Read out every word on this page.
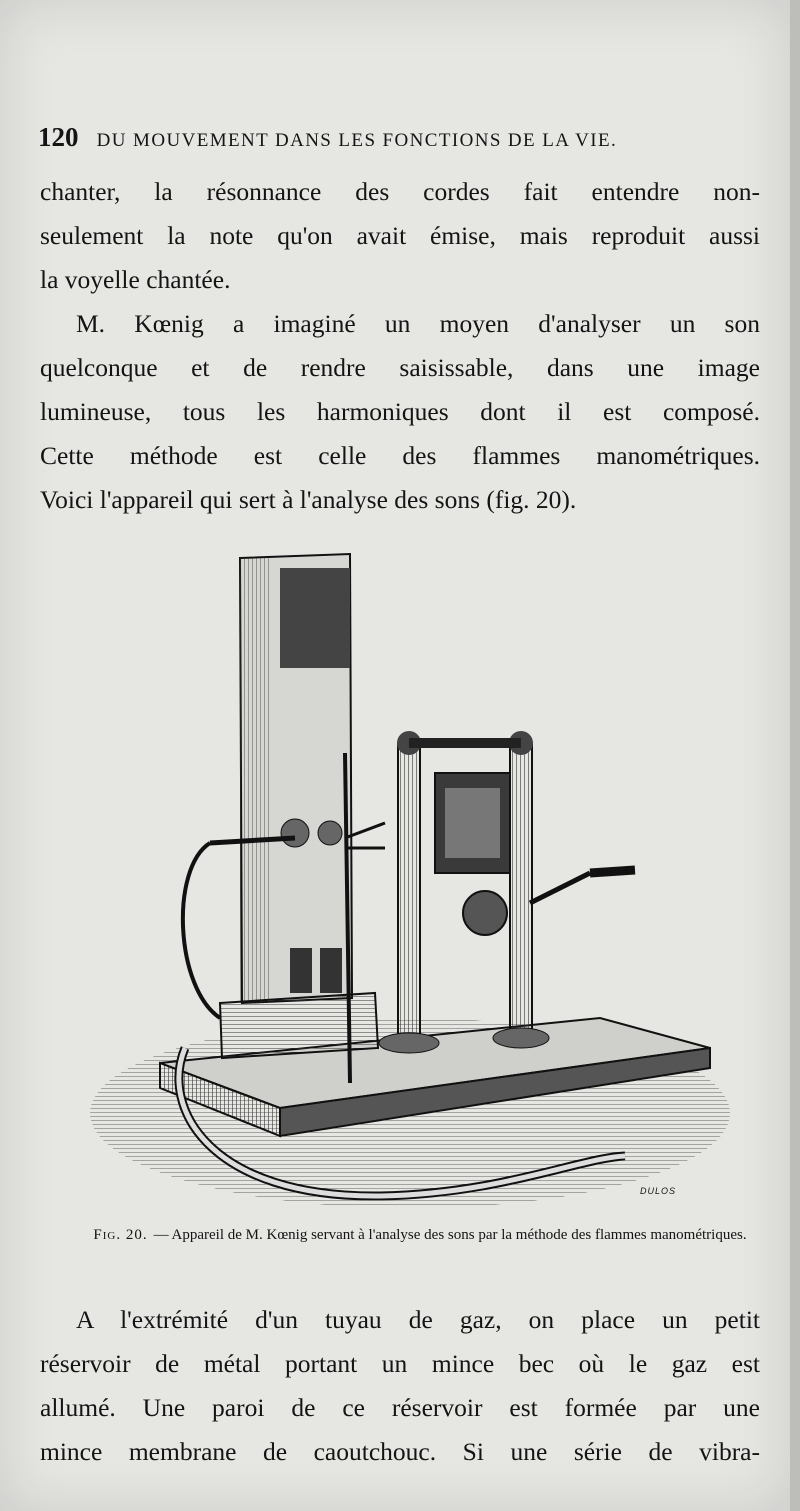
120 DU MOUVEMENT DANS LES FONCTIONS DE LA VIE.
chanter, la résonnance des cordes fait entendre non-
seulement la note qu'on avait émise, mais reproduit aussi
la voyelle chantée.
M. Kœnig a imaginé un moyen d'analyser un son
quelconque et de rendre saisissable, dans une image
lumineuse, tous les harmoniques dont il est composé.
Cette méthode est celle des flammes manométriques.
Voici l'appareil qui sert à l'analyse des sons (fig. 20).
DULOS
Fig. 20. — Appareil de M. Kœnig servant à l'analyse des sons par la méthode des flammes manométriques.
A l'extrémité d'un tuyau de gaz, on place un petit
réservoir de métal portant un mince bec où le gaz est
allumé. Une paroi de ce réservoir est formée par une
mince membrane de caoutchouc. Si une série de vibra-
